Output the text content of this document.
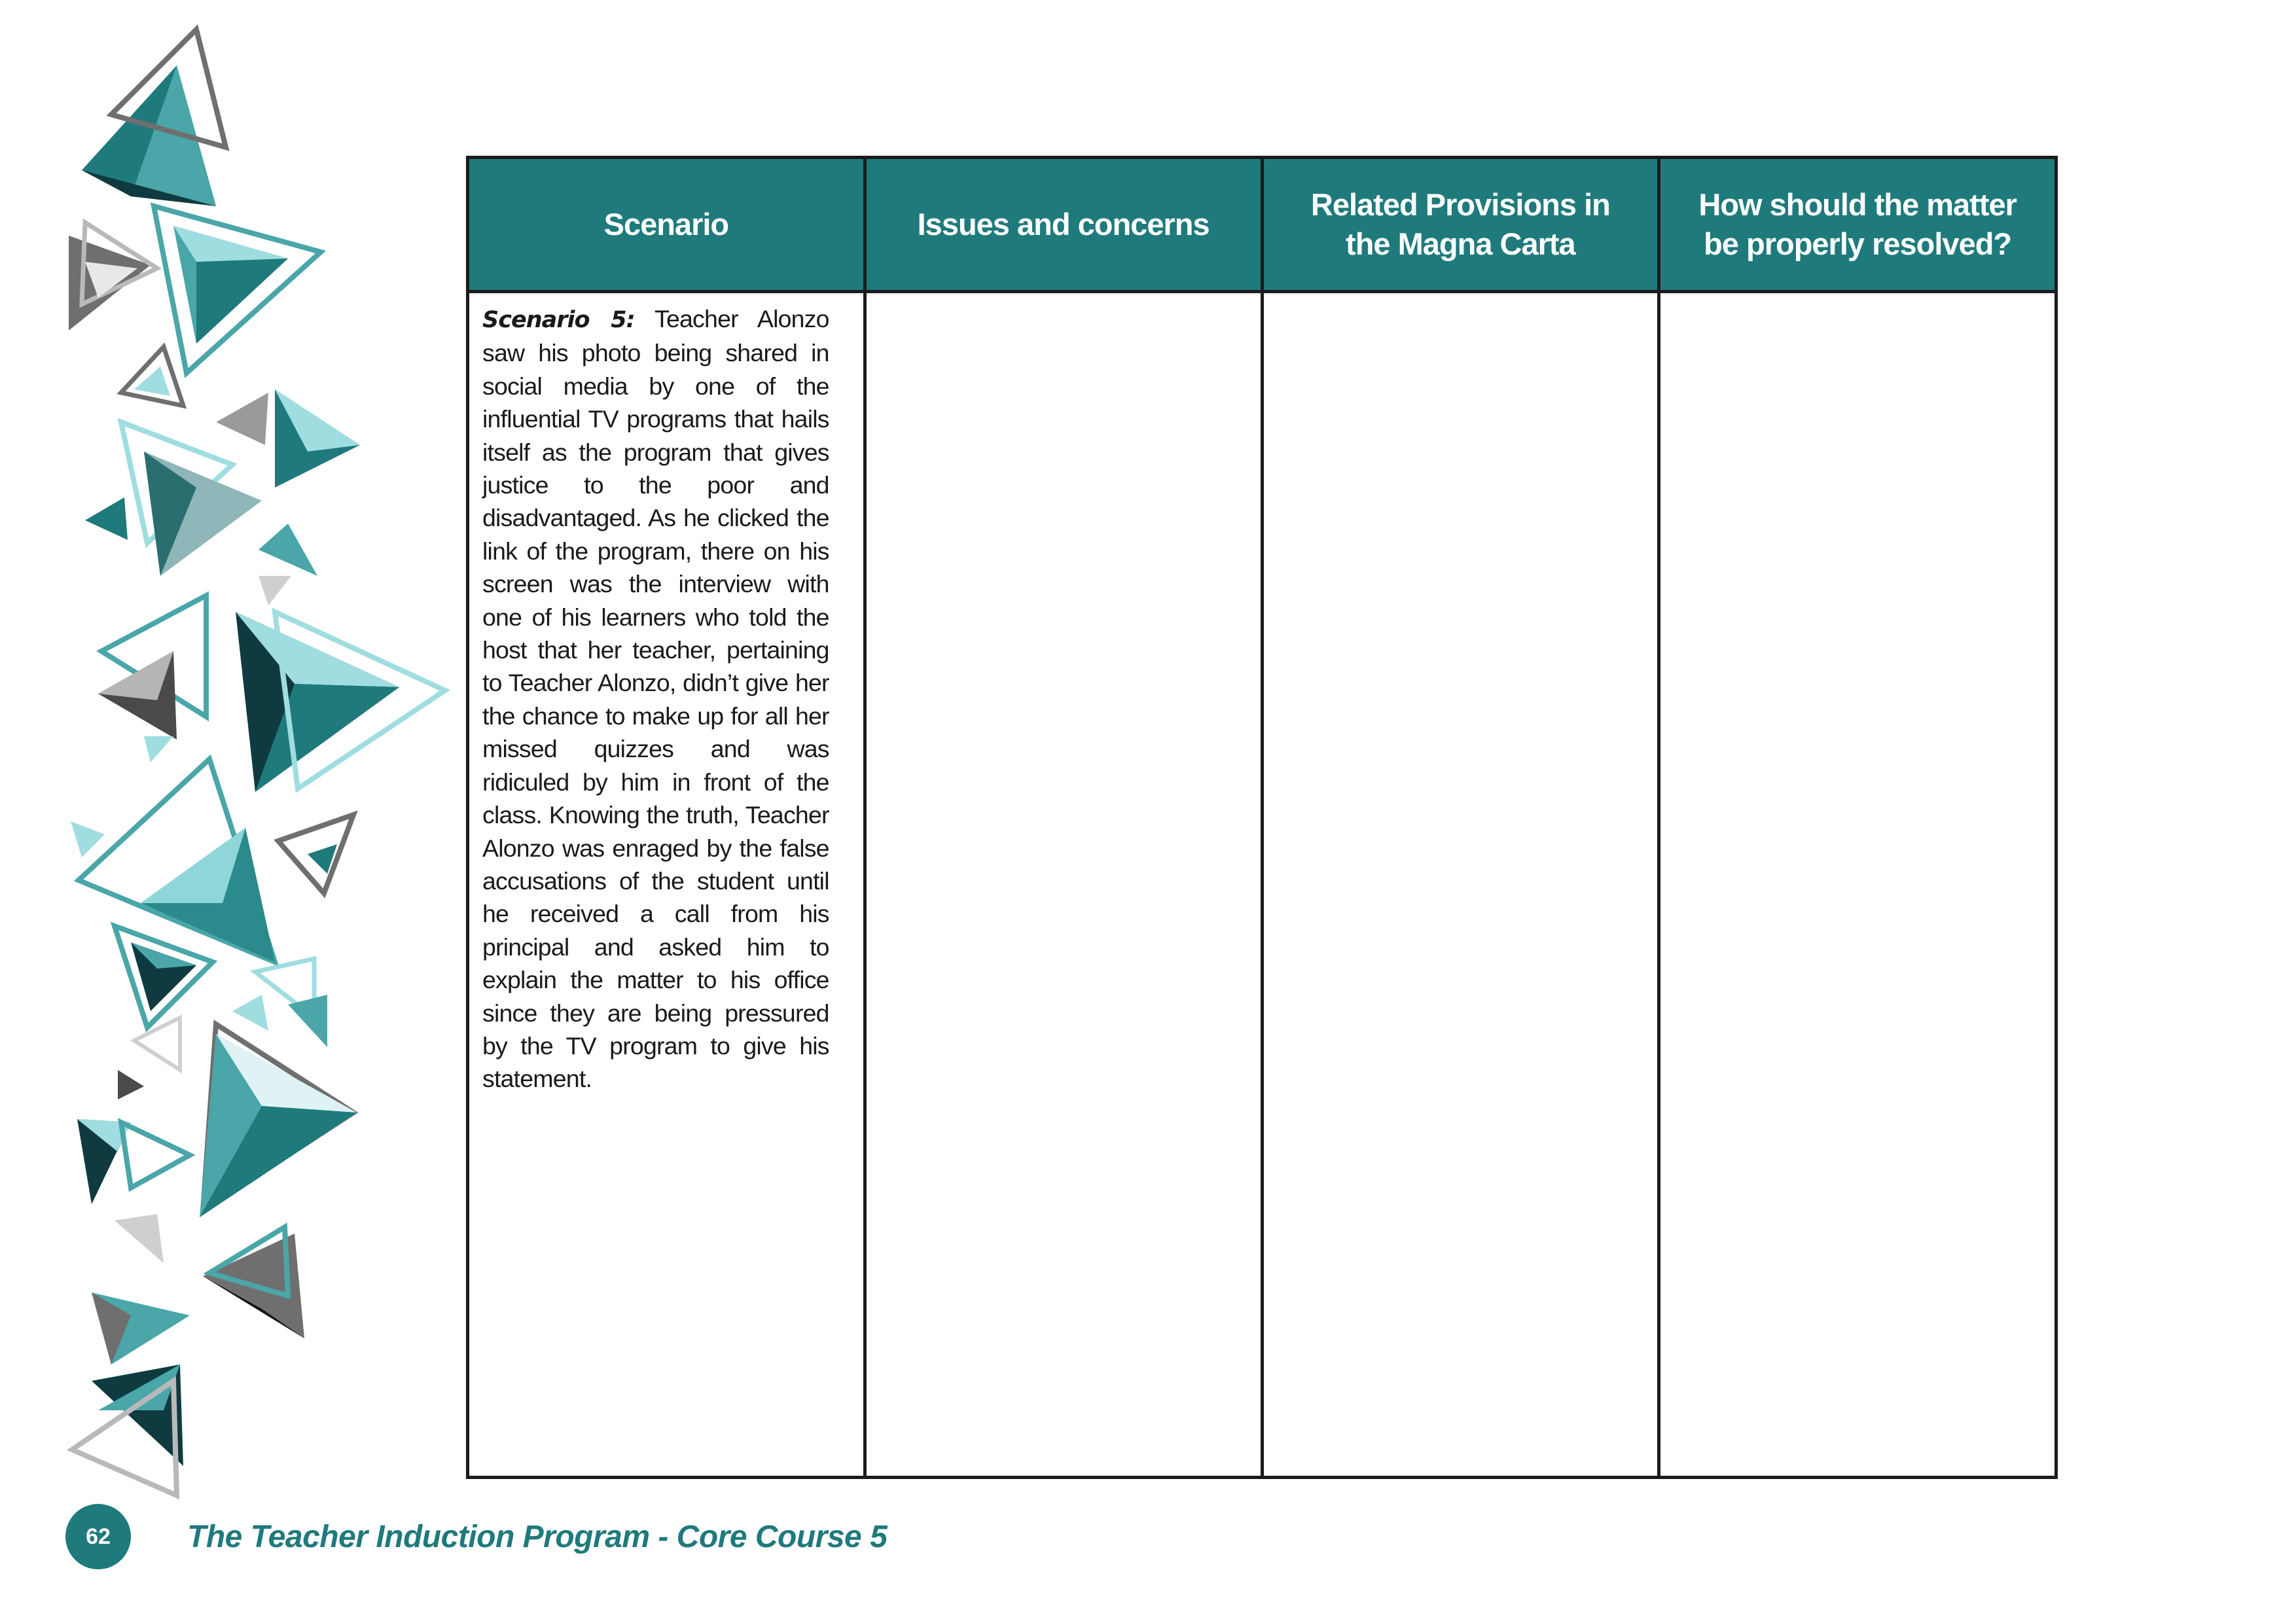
Scenario	Issues and concerns	Related Provisions in the Magna Carta	How should the matter be properly resolved?

Scenario 5: Teacher Alonzo saw his photo being shared in social media by one of the influential TV programs that hails itself as the program that gives justice to the poor and disadvantaged. As he clicked the link of the program, there on his screen was the interview with one of his learners who told the host that her teacher, pertaining to Teacher Alonzo, didn’t give her the chance to make up for all her missed quizzes and was ridiculed by him in front of the class. Knowing the truth, Teacher Alonzo was enraged by the false accusations of the student until he received a call from his principal and asked him to explain the matter to his office since they are being pressured by the TV program to give his statement.			

62	The Teacher Induction Program - Core Course 5
